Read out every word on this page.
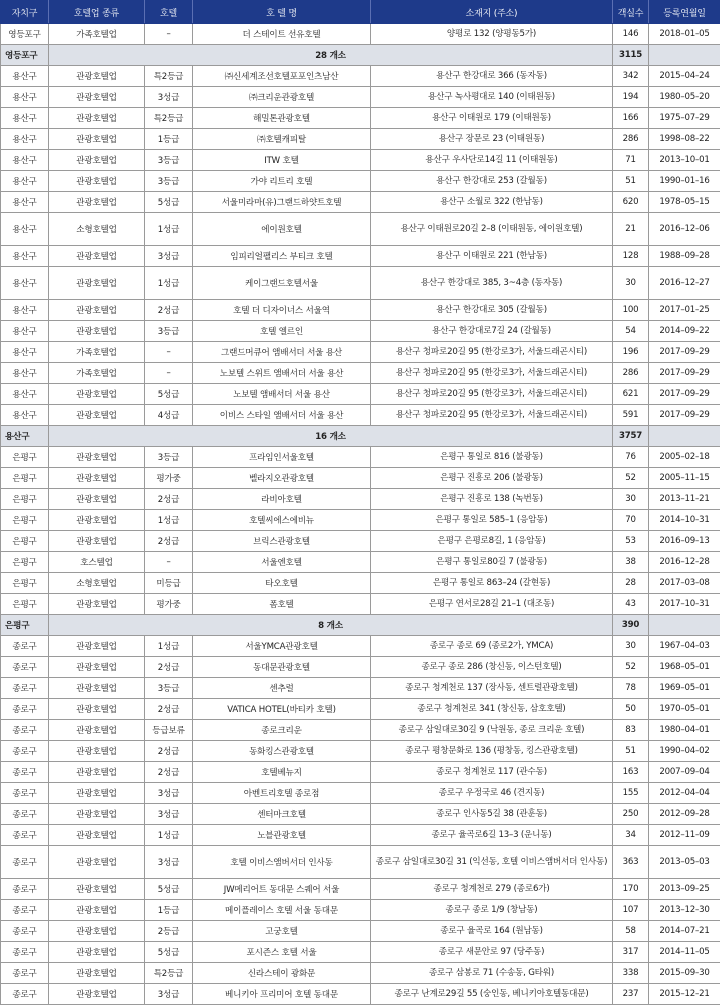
자치구	호텔업 종류	호텔	호 텔 명	소재지 (주소)	객실수	등록연월일
영등포구	가족호텔업	–	더 스테이트 선유호텔	양평로 132 (양평동5가)	146	2018–01–05
영등포구	28 개소				3115	
용산구	관광호텔업	특2등급	㈜신세계조선호텔포포인츠남산	용산구 한강대로 366 (동자동)	342	2015–04–24
용산구	관광호텔업	3성급	㈜크리운관광호텔	용산구 녹사평대로 140 (이태원동)	194	1980–05–20
용산구	관광호텔업	특2등급	해밀톤관광호텔	용산구 이태원로 179 (이태원동)	166	1975–07–29
용산구	관광호텔업	1등급	㈜호텔캐피탈	용산구 장문로 23 (이태원동)	286	1998–08–22
용산구	관광호텔업	3등급	ITW 호텔	용산구 우사단로14길 11 (이태원동)	71	2013–10–01
용산구	관광호텔업	3등급	가야 리트리 호텔	용산구 한강대로 253 (갈월동)	51	1990–01–16
용산구	관광호텔업	5성급	서울미라마(유)그랜드하얏트호텔	용산구 소월로 322 (한남동)	620	1978–05–15
용산구	소형호텔업	1성급	에이원호텔	용산구 이태원로20길 2–8 (이태원동, 에이원호텔)	21	2016–12–06
용산구	관광호텔업	3성급	임피리얼팰리스 부티크 호텔	용산구 이태원로 221 (한남동)	128	1988–09–28
용산구	관광호텔업	1성급	케이그랜드호텔서울	용산구 한강대로 385, 3~4층 (동자동)	30	2016–12–27
용산구	관광호텔업	2성급	호텔 더 디자이너스 서울역	용산구 한강대로 305 (갈월동)	100	2017–01–25
용산구	관광호텔업	3등급	호텔 엘르인	용산구 한강대로7길 24 (갈월동)	54	2014–09–22
용산구	가족호텔업	–	그랜드머큐어 앰배서더 서울 용산	용산구 청파로20길 95 (한강로3가, 서울드래곤시티)	196	2017–09–29
용산구	가족호텔업	–	노보텔 스위트 앰배서더 서울 용산	용산구 청파로20길 95 (한강로3가, 서울드래곤시티)	286	2017–09–29
용산구	관광호텔업	5성급	노보텔 앰배서더 서울 용산	용산구 청파로20길 95 (한강로3가, 서울드래곤시티)	621	2017–09–29
용산구	관광호텔업	4성급	이비스 스타일 앰배서더 서울 용산	용산구 청파로20길 95 (한강로3가, 서울드래곤시티)	591	2017–09–29
용산구	16 개소				3757	
은평구	관광호텔업	3등급	프라임인서울호텔	은평구 통일로 816 (불광동)	76	2005–02–18
은평구	관광호텔업	평가중	벨라지오관광호텔	은평구 진흥로 206 (불광동)	52	2005–11–15
은평구	관광호텔업	2성급	라비아호텔	은평구 진흥로 138 (녹번동)	30	2013–11–21
은평구	관광호텔업	1성급	호텔씨에스에비뉴	은평구 통일로 585–1 (응암동)	70	2014–10–31
은평구	관광호텔업	2성급	브릭스관광호텔	은평구 은평로8길, 1 (응암동)	53	2016–09–13
은평구	호스텔업	–	서울엔호텔	은평구 통일로80길 7 (불광동)	38	2016–12–28
은평구	소형호텔업	미등급	타오호텔	은평구 통일로 863–24 (갈현동)	28	2017–03–08
은평구	관광호텔업	평가중	폼호텔	은평구 연서로28길 21–1 (대조동)	43	2017–10–31
은평구	8 개소				390	
종로구	관광호텔업	1성급	서울YMCA관광호텔	종로구 종로 69 (종로2가, YMCA)	30	1967–04–03
종로구	관광호텔업	2성급	동대문관광호텔	종로구 종로 286 (창신동, 이스턴호텔)	52	1968–05–01
종로구	관광호텔업	3등급	센추럴	종로구 청계천로 137 (장사동, 센트럴관광호텔)	78	1969–05–01
종로구	관광호텔업	2성급	VATICA HOTEL(바티카 호텔)	종로구 청계천로 341 (창신동, 삼호호텔)	50	1970–05–01
종로구	관광호텔업	등급보류	종로크리운	종로구 삼일대로30길 9 (낙원동, 종로 크리운 호텔)	83	1980–04–01
종로구	관광호텔업	2성급	동화킹스관광호텔	종로구 평창문화로 136 (평창동, 킹스관광호텔)	51	1990–04–02
종로구	관광호텔업	2성급	호텔베뉴지	종로구 청계천로 117 (관수동)	163	2007–09–04
종로구	관광호텔업	3성급	아벤트리호텔 종로점	종로구 우정국로 46 (견지동)	155	2012–04–04
종로구	관광호텔업	3성급	센터마크호텔	종로구 인사동5길 38 (관훈동)	250	2012–09–28
종로구	관광호텔업	1성급	노블관광호텔	종로구 율곡로6길 13–3 (운니동)	34	2012–11–09
종로구	관광호텔업	3성급	호텔 이비스앰버서더 인사동	종로구 삼일대로30길 31 (익선동, 호텔 이비스앰버서더 인사동)	363	2013–05–03
종로구	관광호텔업	5성급	JW메리어트 동대문 스퀘어 서울	종로구 청계천로 279 (종로6가)	170	2013–09–25
종로구	관광호텔업	1등급	메이플레이스 호텔 서울 동대문	종로구 종로 1/9 (창남동)	107	2013–12–30
종로구	관광호텔업	2등급	고궁호텔	종로구 율곡로 164 (원남동)	58	2014–07–21
종로구	관광호텔업	5성급	포시즌스 호텔 서울	종로구 새문안로 97 (당주동)	317	2014–11–05
종로구	관광호텔업	특2등급	신라스테이 광화문	종로구 삼봉로 71 (수송동, G타워)	338	2015–09–30
종로구	관광호텔업	3성급	베니키아 프리미어 호텔 동대문	종로구 난계로29길 55 (숭인동, 베니키아호텔동대문)	237	2015–12–21
